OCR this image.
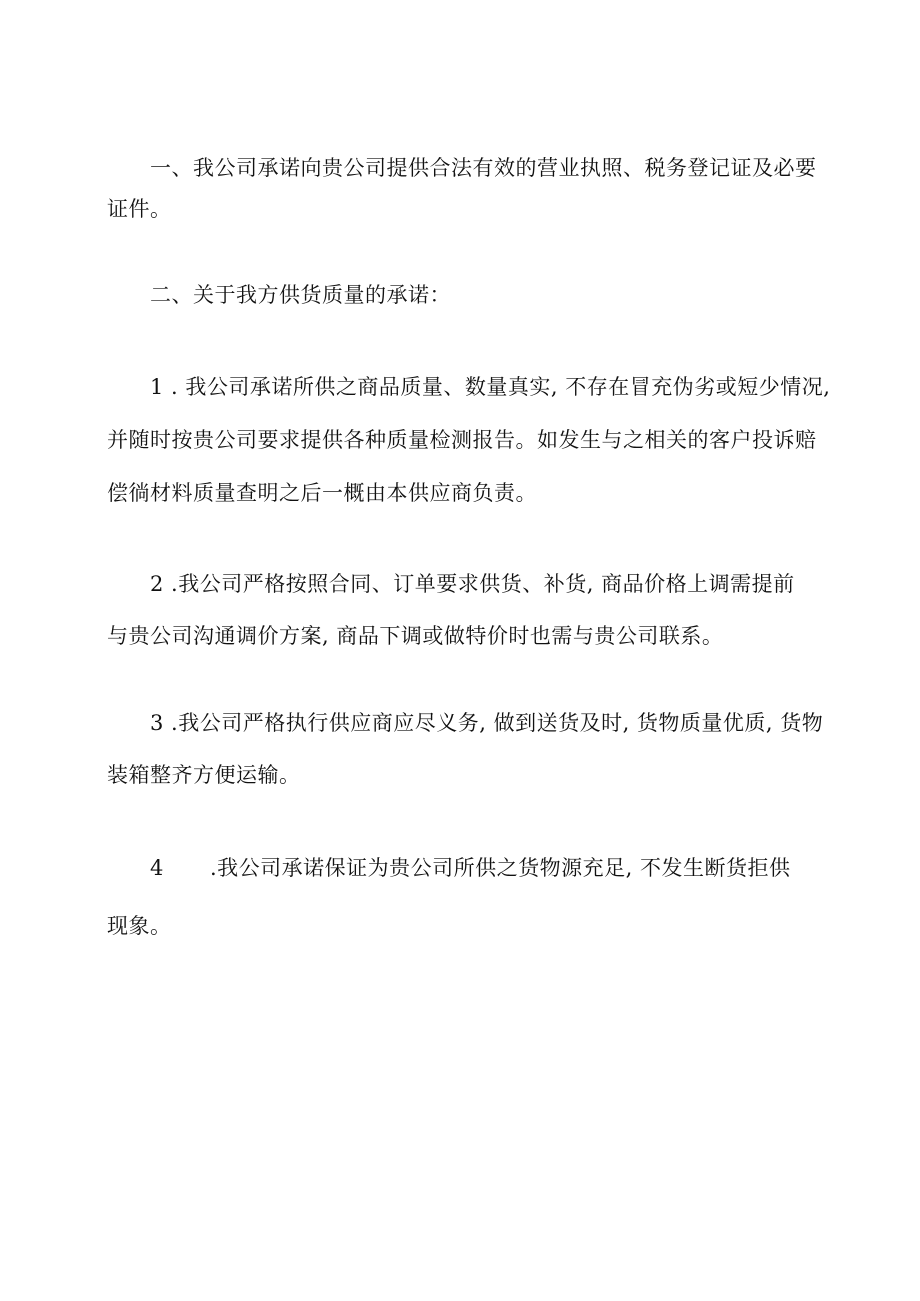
一、我公司承诺向贵公司提供合法有效的营业执照、税务登记证及必要
证件。
二、关于我方供货质量的承诺：
1 . 我公司承诺所供之商品质量、数量真实, 不存在冒充伪劣或短少情况,
并随时按贵公司要求提供各种质量检测报告。如发生与之相关的客户投诉赔
偿徜材料质量查明之后一概由本供应商负责。
2 .我公司严格按照合同、订单要求供货、补货, 商品价格上调需提前
与贵公司沟通调价方案, 商品下调或做特价时也需与贵公司联系。
3 .我公司严格执行供应商应尽义务, 做到送货及时, 货物质量优质, 货物
装箱整齐方便运输。
4 .我公司承诺保证为贵公司所供之货物源充足, 不发生断货拒供
现象。
